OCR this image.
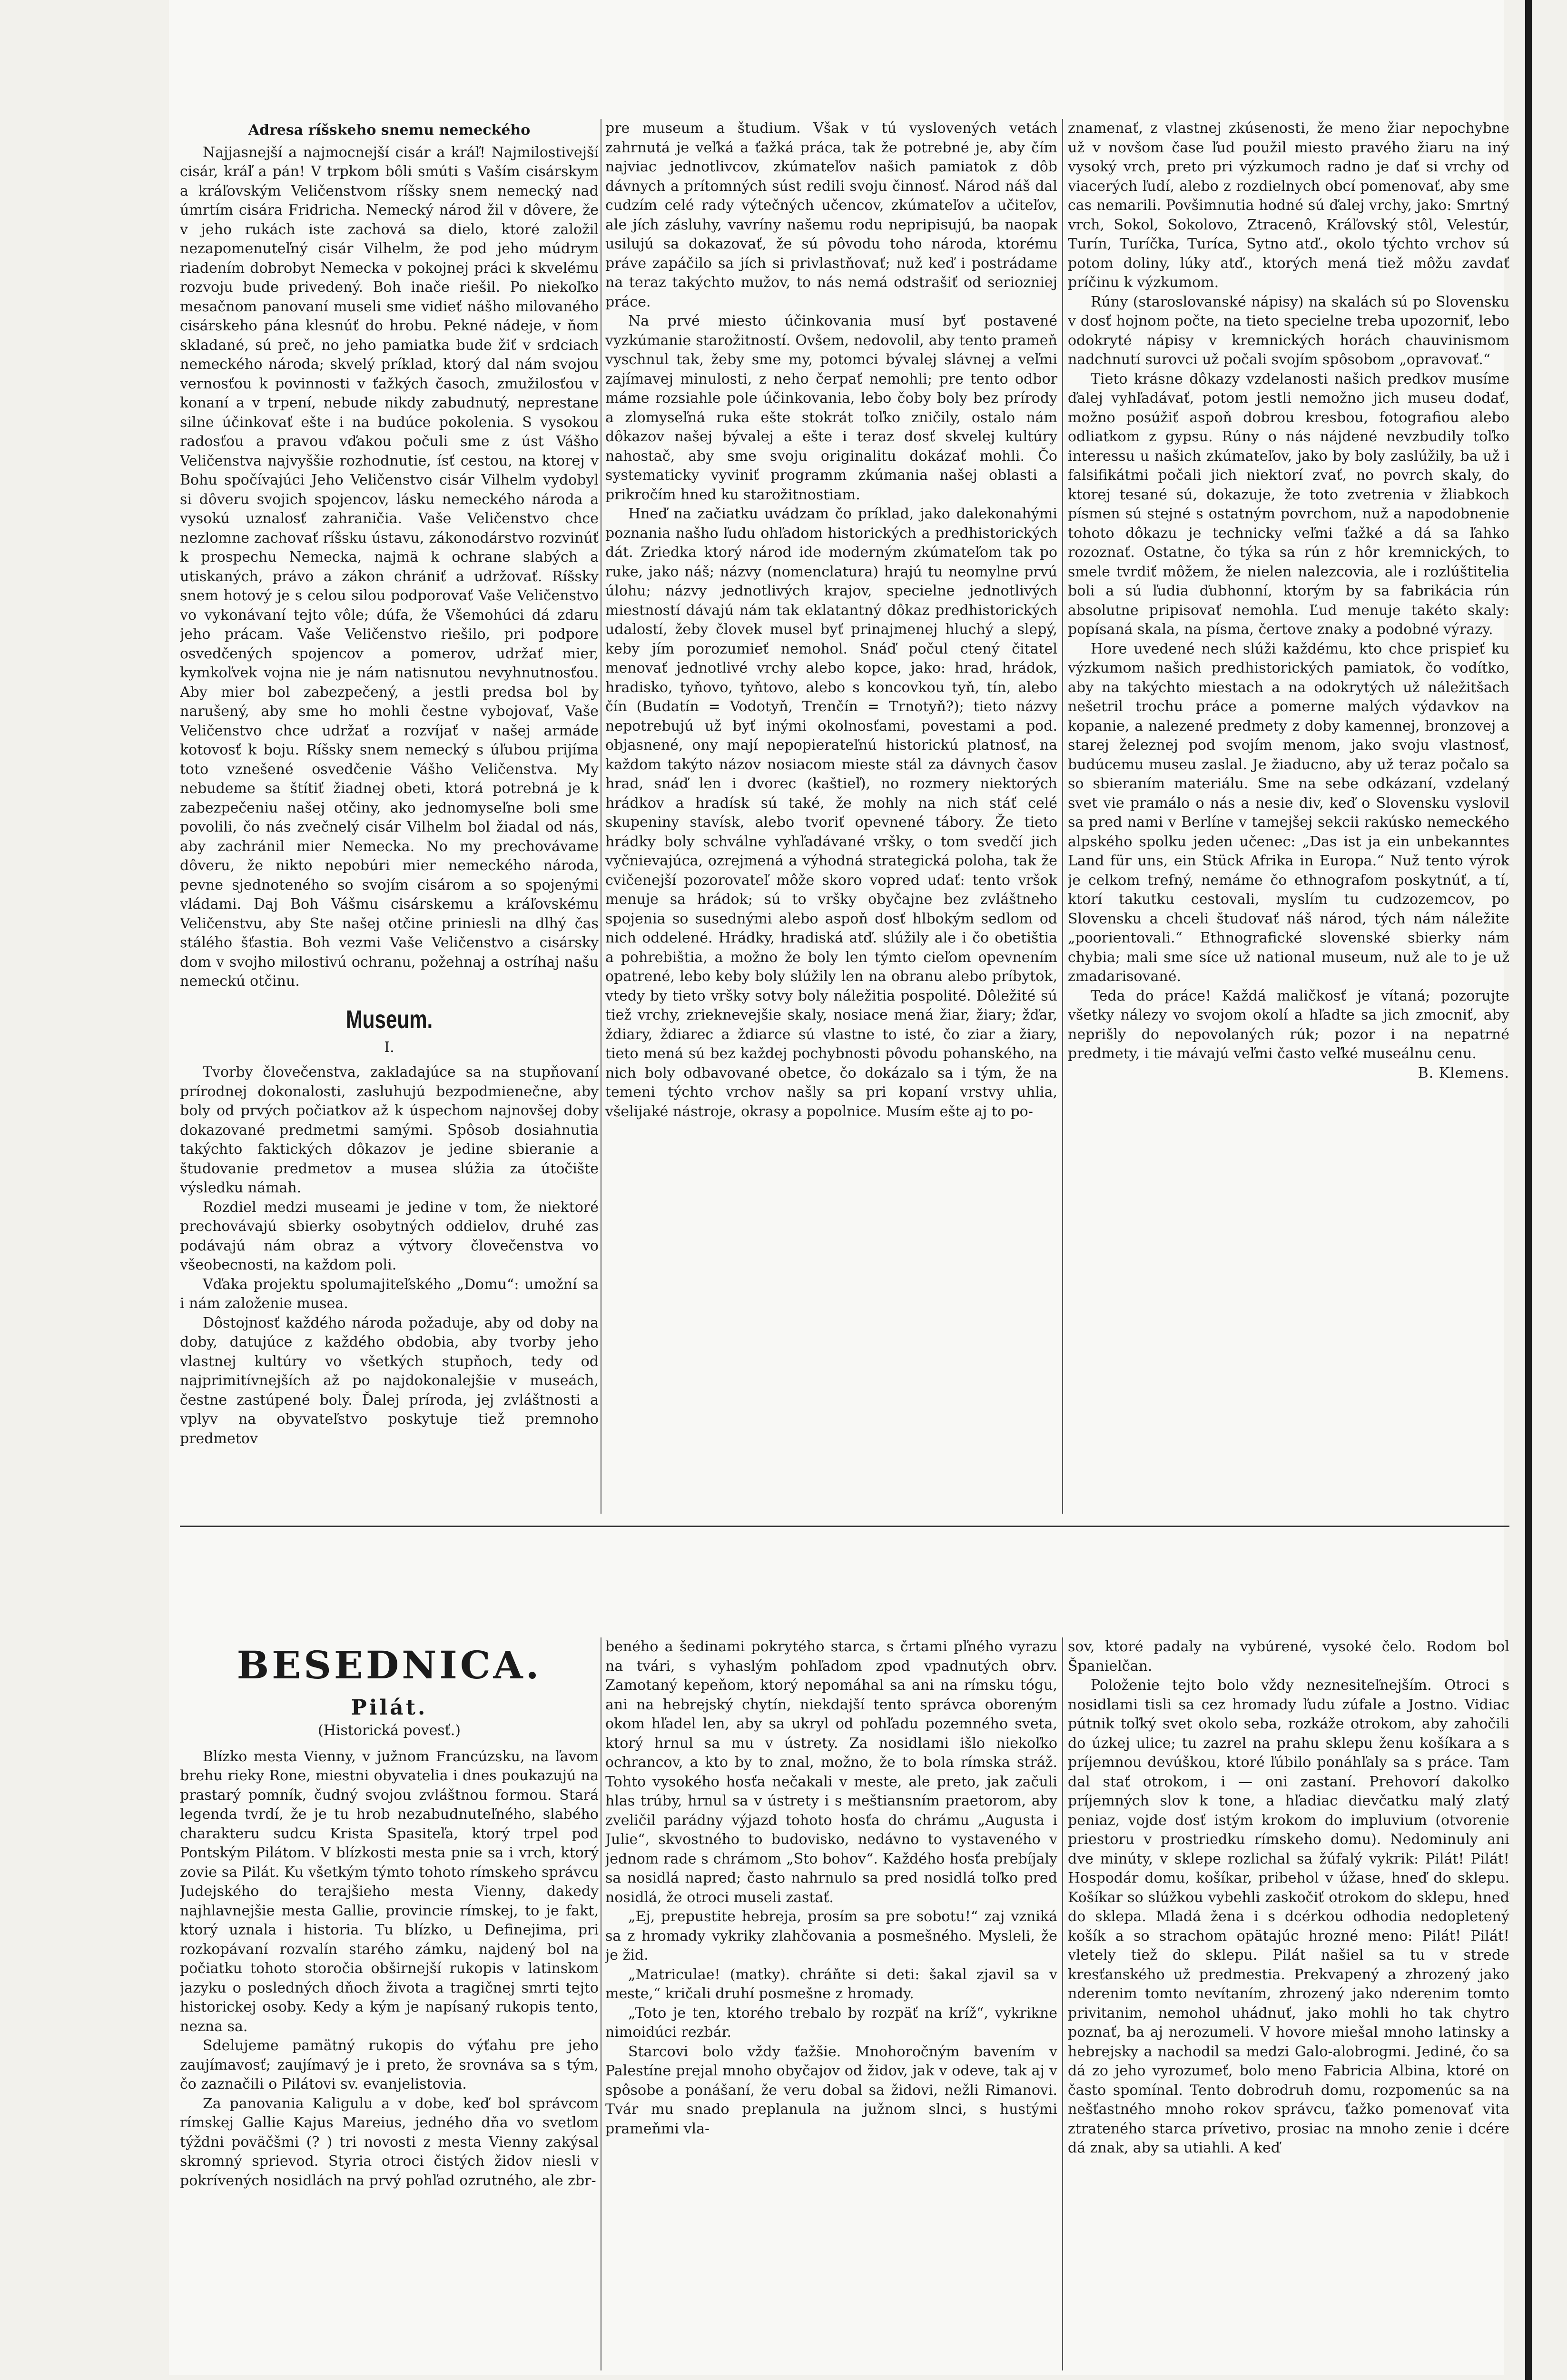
Adresa ríšskeho snemu nemeckého

Najjasnejší a najmocnejší cisár a kráľ! Najmilostivejší cisár, kráľ a pán! V trpkom bôli smúti s Vaším cisárskym a kráľovským Veličenstvom ríšsky snem nemecký nad úmrtím cisára Fridricha. Nemecký národ žil v dôvere, že v jeho rukách iste zachová sa dielo, ktoré založil nezapomenuteľný cisár Vilhelm, že pod jeho múdrym riadením dobrobyt Nemecka v pokojnej práci k skvelému rozvoju bude privedený. Boh inače riešil. Po niekoľko mesačnom panovaní museli sme vidieť nášho milovaného cisárskeho pána klesnúť do hrobu. Pekné nádeje, v ňom skladané, sú preč, no jeho pamiatka bude žiť v srdciach nemeckého národa; skvelý príklad, ktorý dal nám svojou vernosťou k povinnosti v ťažkých časoch, zmužilosťou v konaní a v trpení, nebude nikdy zabudnutý, neprestane silne účinkovať ešte i na budúce pokolenia. S vysokou radosťou a pravou vďakou počuli sme z úst Vášho Veličenstva najvyššie rozhodnutie, ísť cestou, na ktorej v Bohu spočívajúci Jeho Veličenstvo cisár Vilhelm vydobyl si dôveru svojich spojencov, lásku nemeckého národa a vysokú uznalosť zahraničia. Vaše Veličenstvo chce nezlomne zachovať ríšsku ústavu, zákonodárstvo rozvinúť k prospechu Nemecka, najmä k ochrane slabých a utiskaných, právo a zákon chrániť a udržovať. Ríšsky snem hotový je s celou silou podporovať Vaše Veličenstvo vo vykonávaní tejto vôle; dúfa, že Všemohúci dá zdaru jeho prácam. Vaše Veličenstvo riešilo, pri podpore osvedčených spojencov a pomerov, udržať mier, kymkoľvek vojna nie je nám natisnutou nevyhnutnosťou. Aby mier bol zabezpečený, a jestli predsa bol by narušený, aby sme ho mohli čestne vybojovať, Vaše Veličenstvo chce udržať a rozvíjať v našej armáde kotovosť k boju. Ríšsky snem nemecký s úľubou prijíma toto vznešené osvedčenie Vášho Veličenstva. My nebudeme sa štítiť žiadnej obeti, ktorá potrebná je k zabezpečeniu našej otčiny, ako jednomyseľne boli sme povolili, čo nás zvečnelý cisár Vilhelm bol žiadal od nás, aby zachránil mier Nemecka. No my prechovávame dôveru, že nikto nepobúri mier nemeckého národa, pevne sjednoteného so svojím cisárom a so spojenými vládami. Daj Boh Vášmu cisárskemu a kráľovskému Veličenstvu, aby Ste našej otčine priniesli na dlhý čas stálého šťastia. Boh vezmi Vaše Veličenstvo a cisársky dom v svojho milostivú ochranu, požehnaj a ostríhaj našu nemeckú otčinu.

Museum.
I.

Tvorby človečenstva, zakladajúce sa na stupňovaní prírodnej dokonalosti, zasluhujú bezpodmienečne, aby boly od prvých počiatkov až k úspechom najnovšej doby dokazované predmetmi samými. Spôsob dosiahnutia takýchto faktických dôkazov je jedine sbieranie a študovanie predmetov a musea slúžia za útočište výsledku námah.

Rozdiel medzi museami je jedine v tom, že niektoré prechovávajú sbierky osobytných oddielov, druhé zas podávajú nám obraz a výtvory človečenstva vo všeobecnosti, na každom poli.

Vďaka projektu spolumajiteľského „Domu“: umožní sa i nám založenie musea.

Dôstojnosť každého národa požaduje, aby od doby na doby, datujúce z každého obdobia, aby tvorby jeho vlastnej kultúry vo všetkých stupňoch, tedy od najprimitívnejších až po najdokonalejšie v museách, čestne zastúpené boly. Ďalej príroda, jej zvláštnosti a vplyv na obyvateľstvo poskytuje tiež premnoho predmetov

pre museum a študium. Však v tú vyslovených vetách zahrnutá je veľká a ťažká práca, tak že potrebné je, aby čím najviac jednotlivcov, zkúmateľov našich pamiatok z dôb dávnych a prítomných súst redili svoju činnosť. Národ náš dal cudzím celé rady výtečných učencov, zkúmateľov a učiteľov, ale jích zásluhy, vavríny našemu rodu nepripisujú, ba naopak usilujú sa dokazovať, že sú pôvodu toho národa, ktorému práve zapáčilo sa jích si privlastňovať; nuž keď i postrádame na teraz takýchto mužov, to nás nemá odstrašiť od seriozniej práce.

Na prvé miesto účinkovania musí byť postavené vyzkúmanie starožitností. Ovšem, nedovolil, aby tento prameň vyschnul tak, žeby sme my, potomci bývalej slávnej a veľmi zajímavej minulosti, z neho čerpať nemohli; pre tento odbor máme rozsiahle pole účinkovania, lebo čoby boly bez prírody a zlomyseľná ruka ešte stokrát toľko zničily, ostalo nám dôkazov našej bývalej a ešte i teraz dosť skvelej kultúry nahostač, aby sme svoju originalitu dokázať mohli. Čo systematicky vyviniť programm zkúmania našej oblasti a prikročím hned ku starožitnostiam.

Hneď na začiatku uvádzam čo príklad, jako dalekonahými poznania našho ľudu ohľadom historických a predhistorických dát. Zriedka ktorý národ ide moderným zkúmateľom tak po ruke, jako náš; názvy (nomenclatura) hrajú tu neomylne prvú úlohu; názvy jednotlivých krajov, specielne jednotlivých miestností dávajú nám tak eklatantný dôkaz predhistorických udalostí, žeby človek musel byť prinajmenej hluchý a slepý, keby jím porozumieť nemohol. Snáď počul ctený čitateľ menovať jednotlivé vrchy alebo kopce, jako: hrad, hrádok, hradisko, tyňovo, tyňtovo, alebo s koncovkou tyň, tín, alebo čín (Budatín = Vodotyň, Trenčín = Trnotyň?); tieto názvy nepotrebujú už byť inými okolnosťami, povestami a pod. objasnené, ony mají nepopierateľnú historickú platnosť, na každom takýto názov nosiacom mieste stál za dávnych časov hrad, snáď len i dvorec (kaštieľ), no rozmery niektorých hrádkov a hradísk sú také, že mohly na nich stáť celé skupeniny stavísk, alebo tvoriť opevnené tábory. Že tieto hrádky boly schválne vyhľadávané vršky, o tom svedčí jich vyčnievajúca, ozrejmená a výhodná strategická poloha, tak že cvičenejší pozorovateľ môže skoro vopred udať: tento vršok menuje sa hrádok; sú to vršky obyčajne bez zvláštneho spojenia so susednými alebo aspoň dosť hlbokým sedlom od nich oddelené. Hrádky, hradiská atď. slúžily ale i čo obetištia a pohrebištia, a možno že boly len týmto cieľom opevnením opatrené, lebo keby boly slúžily len na obranu alebo príbytok, vtedy by tieto vršky sotvy boly náležitia pospolité. Dôležité sú tiež vrchy, zrieknevejšie skaly, nosiace mená žiar, žiary; žďar, ždiary, ždiarec a ždiarce sú vlastne to isté, čo ziar a žiary, tieto mená sú bez každej pochybnosti pôvodu pohanského, na nich boly odbavované obetce, čo dokázalo sa i tým, že na temeni týchto vrchov našly sa pri kopaní vrstvy uhlia, všelijaké nástroje, okrasy a popolnice. Musím ešte aj to po-

znamenať, z vlastnej zkúsenosti, že meno žiar nepochybne už v novšom čase ľud použil miesto pravého žiaru na iný vysoký vrch, preto pri výzkumoch radno je dať si vrchy od viacerých ľudí, alebo z rozdielnych obcí pomenovať, aby sme cas nemarili. Povšimnutia hodné sú ďalej vrchy, jako: Smrtný vrch, Sokol, Sokolovo, Ztracenô, Kráľovský stôl, Velestúr, Turín, Turíčka, Turíca, Sytno atď., okolo týchto vrchov sú potom doliny, lúky atď., ktorých mená tiež môžu zavdať príčinu k výzkumom.

Rúny (staroslovanské nápisy) na skalách sú po Slovensku v dosť hojnom počte, na tieto specielne treba upozorniť, lebo odokryté nápisy v kremnických horách chauvinismom nadchnutí surovci už počali svojím spôsobom „opravovať.“

Tieto krásne dôkazy vzdelanosti našich predkov musíme ďalej vyhľadávať, potom jestli nemožno jich museu dodať, možno posúžiť aspoň dobrou kresbou, fotografiou alebo odliatkom z gypsu. Rúny o nás nájdené nevzbudily toľko interessu u našich zkúmateľov, jako by boly zaslúžily, ba už i falsifikátmi počali jich niektorí zvať, no povrch skaly, do ktorej tesané sú, dokazuje, že toto zvetrenia v žliabkoch písmen sú stejné s ostatným povrchom, nuž a napodobnenie tohoto dôkazu je technicky veľmi ťažké a dá sa ľahko rozoznať. Ostatne, čo týka sa rún z hôr kremnických, to smele tvrdiť môžem, že nielen nalezcovia, ale i rozlúštitelia boli a sú ľudia ďubhonní, ktorým by sa fabrikácia rún absolutne pripisovať nemohla. Ľud menuje takéto skaly: popísaná skala, na písma, čertove znaky a podobné výrazy.

Hore uvedené nech slúži každému, kto chce prispieť ku výzkumom našich predhistorických pamiatok, čo vodítko, aby na takýchto miestach a na odokrytých už náležitšach nešetril trochu práce a pomerne malých výdavkov na kopanie, a nalezené predmety z doby kamennej, bronzovej a starej železnej pod svojím menom, jako svoju vlastnosť, budúcemu museu zaslal. Je žiaducno, aby už teraz počalo sa so sbieraním materiálu. Sme na sebe odkázaní, vzdelaný svet vie pramálo o nás a nesie div, keď o Slovensku vyslovil sa pred nami v Berlíne v tamejšej sekcii rakúsko nemeckého alpského spolku jeden učenec: „Das ist ja ein unbekanntes Land für uns, ein Stück Afrika in Europa.“ Nuž tento výrok je celkom trefný, nemáme čo ethnografom poskytnúť, a tí, ktorí takutku cestovali, myslím tu cudzozemcov, po Slovensku a chceli študovať náš národ, tých nám náležite „poorientovali.“ Ethnografické slovenské sbierky nám chybia; mali sme síce už national museum, nuž ale to je už zmadarisované.

Teda do práce! Každá maličkosť je vítaná; pozorujte všetky nálezy vo svojom okolí a hľadte sa jich zmocniť, aby neprišly do nepovolaných rúk; pozor i na nepatrné predmety, i tie mávajú veľmi často veľké museálnu cenu.

B. Klemens.
BESEDNICA.
Pilát.
(Historická povesť.)

Blízko mesta Vienny, v južnom Francúzsku, na ľavom brehu rieky Rone, miestni obyvatelia i dnes poukazujú na prastarý pomník, čudný svojou zvláštnou formou. Stará legenda tvrdí, že je tu hrob nezabudnuteľného, slabého charakteru sudcu Krista Spasiteľa, ktorý trpel pod Pontským Pilátom. V blízkosti mesta pnie sa i vrch, ktorý zovie sa Pilát. Ku všetkým týmto tohoto rímskeho správcu Judejského do terajšieho mesta Vienny, dakedy najhlavnejšie mesta Gallie, provincie rímskej, to je fakt, ktorý uznala i historia. Tu blízko, u Definejima, pri rozkopávaní rozvalín starého zámku, najdený bol na počiatku tohoto storočia obširnejší rukopis v latinskom jazyku o posledných dňoch života a tragičnej smrti tejto historickej osoby. Kedy a kým je napísaný rukopis tento, nezna sa.

Sdelujeme pamätný rukopis do výťahu pre jeho zaujímavosť; zaujímavý je i preto, že srovnáva sa s tým, čo zaznačili o Pilátovi sv. evanjelistovia.

Za panovania Kaligulu a v dobe, keď bol správcom rímskej Gallie Kajus Mareius, jedného dňa vo svetlom týždni poväčšmi (? ) tri novosti z mesta Vienny zakýsal skromný sprievod. Styria otroci čistých židov niesli v pokrívených nosidlách na prvý pohľad ozrutného, ale zbr-

beného a šedinami pokrytého starca, s črtami pľného vyrazu na tvári, s vyhaslým pohľadom zpod vpadnutých obrv. Zamotaný kepeňom, ktorý nepomáhal sa ani na rímsku tógu, ani na hebrejský chytín, niekdajší tento správca oboreným okom hľadel len, aby sa ukryl od pohľadu pozemného sveta, ktorý hrnul sa mu v ústrety. Za nosidlami išlo niekoľko ochrancov, a kto by to znal, možno, že to bola rímska stráž. Tohto vysokého hosťa nečakali v meste, ale preto, jak začuli hlas trúby, hrnul sa v ústrety i s meštiansním praetorom, aby zveličil parádny výjazd tohoto hosťa do chrámu „Augusta i Julie“, skvostného to budovisko, nedávno to vystaveného v jednom rade s chrámom „Sto bohov“. Každého hosťa prebíjaly sa nosidlá napred; často nahrnulo sa pred nosidlá toľko pred nosidlá, že otroci museli zastať.

„Ej, prepustite hebreja, prosím sa pre sobotu!“ zaj vzniká sa z hromady vykriky zlahčovania a posmešného. Mysleli, že je žid.

„Matriculae! (matky). chráňte si deti: šakal zjavil sa v meste,“ kričali druhí posmešne z hromady.

„Toto je ten, ktorého trebalo by rozpäť na kríž“, vykrikne nimoidúci rezbár.

Starcovi bolo vždy ťažšie. Mnohoročným bavením v Palestíne prejal mnoho obyčajov od židov, jak v odeve, tak aj v spôsobe a ponášaní, že veru dobal sa židovi, nežli Rimanovi. Tvár mu snado preplanula na južnom slnci, s hustými prameňmi vla-

sov, ktoré padaly na vybúrené, vysoké čelo. Rodom bol Španielčan.

Položenie tejto bolo vždy neznesiteľnejším. Otroci s nosidlami tisli sa cez hromady ľudu zúfale a Jostno. Vidiac pútnik toľký svet okolo seba, rozkáže otrokom, aby zahočili do úzkej ulice; tu zazrel na prahu sklepu ženu košíkara a s príjemnou devúškou, ktoré ľúbilo ponáhľaly sa s práce. Tam dal stať otrokom, i — oni zastaní. Prehovorí dakolko príjemných slov k tone, a hľadiac dievčatku malý zlatý peniaz, vojde dosť istým krokom do impluvium (otvorenie priestoru v prostriedku rímskeho domu). Nedominuly ani dve minúty, v sklepe rozlichal sa žúfalý vykrik: Pilát! Pilát! Hospodár domu, košíkar, pribehol v úžase, hneď do sklepu. Košíkar so slúžkou vybehli zaskočiť otrokom do sklepu, hneď do sklepa. Mladá žena i s dcérkou odhodia nedopletený košík a so strachom opätajúc hrozné meno: Pilát! Pilát! vletely tiež do sklepu. Pilát našiel sa tu v strede kresťanského už predmestia. Prekvapený a zhrozený jako nderenim tomto nevítaním, zhrozený jako nderenim tomto privitanim, nemohol uhádnuť, jako mohli ho tak chytro poznať, ba aj nerozumeli. V hovore miešal mnoho latinsky a hebrejsky a nachodil sa medzi Galo-alobrogmi. Jediné, čo sa dá zo jeho vyrozumeť, bolo meno Fabricia Albina, ktoré on často spomínal. Tento dobrodruh domu, rozpomenúc sa na nešťastného mnoho rokov správcu, ťažko pomenovať vita ztrateného starca prívetivo, prosiac na mnoho zenie i dcére dá znak, aby sa utiahli. A keď
